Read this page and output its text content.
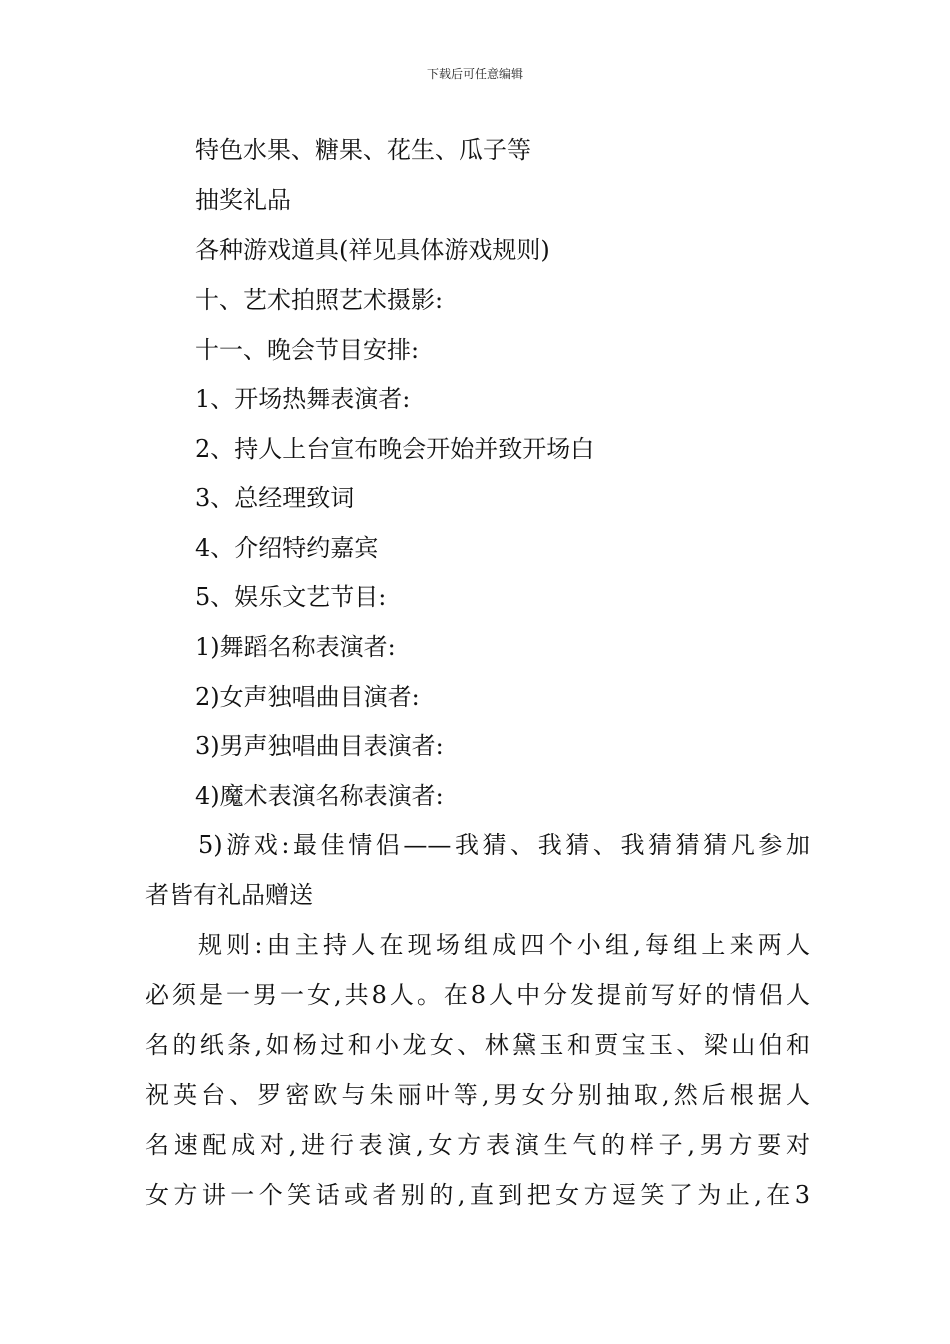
下载后可任意编辑
特色水果、糖果、花生、瓜子等
抽奖礼品
各种游戏道具(祥见具体游戏规则)
十、艺术拍照艺术摄影:
十一、晚会节目安排:
1、开场热舞表演者:
2、持人上台宣布晚会开始并致开场白
3、总经理致词
4、介绍特约嘉宾
5、娱乐文艺节目:
1)舞蹈名称表演者:
2)女声独唱曲目演者:
3)男声独唱曲目表演者:
4)魔术表演名称表演者:
5)游戏:最佳情侣——我猜、我猜、我猜猜猜凡参加
者皆有礼品赠送
规则:由主持人在现场组成四个小组,每组上来两人
必须是一男一女,共8人。在8人中分发提前写好的情侣人
名的纸条,如杨过和小龙女、林黛玉和贾宝玉、梁山伯和
祝英台、罗密欧与朱丽叶等,男女分别抽取,然后根据人
名速配成对,进行表演,女方表演生气的样子,男方要对
女方讲一个笑话或者别的,直到把女方逗笑了为止,在3
